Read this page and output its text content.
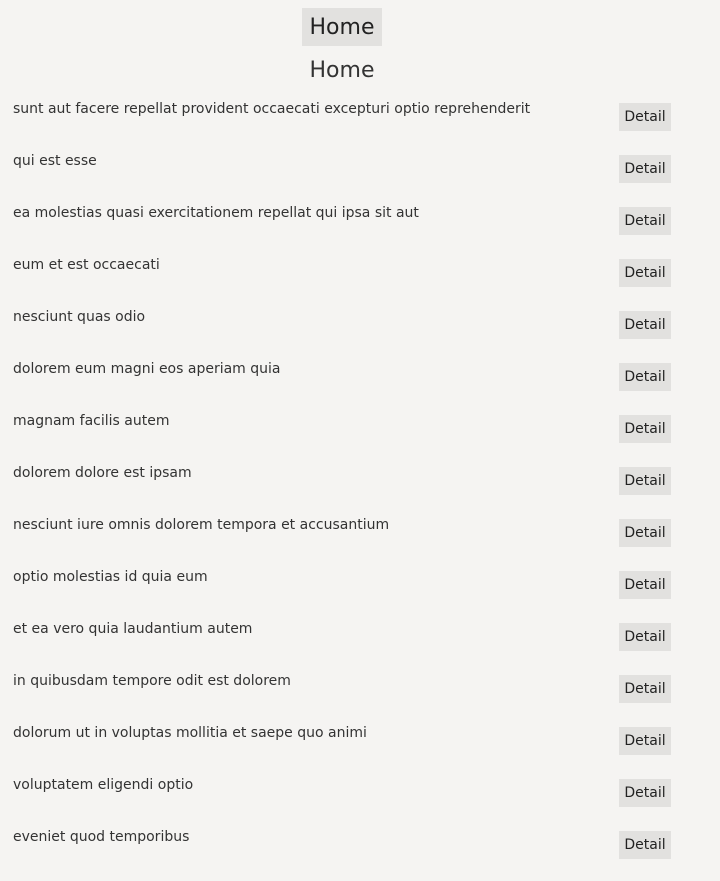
Home
Home
sunt aut facere repellat provident occaecati excepturi optio reprehenderit	Detail
qui est esse	Detail
ea molestias quasi exercitationem repellat qui ipsa sit aut	Detail
eum et est occaecati	Detail
nesciunt quas odio	Detail
dolorem eum magni eos aperiam quia	Detail
magnam facilis autem	Detail
dolorem dolore est ipsam	Detail
nesciunt iure omnis dolorem tempora et accusantium	Detail
optio molestias id quia eum	Detail
et ea vero quia laudantium autem	Detail
in quibusdam tempore odit est dolorem	Detail
dolorum ut in voluptas mollitia et saepe quo animi	Detail
voluptatem eligendi optio	Detail
eveniet quod temporibus	Detail
